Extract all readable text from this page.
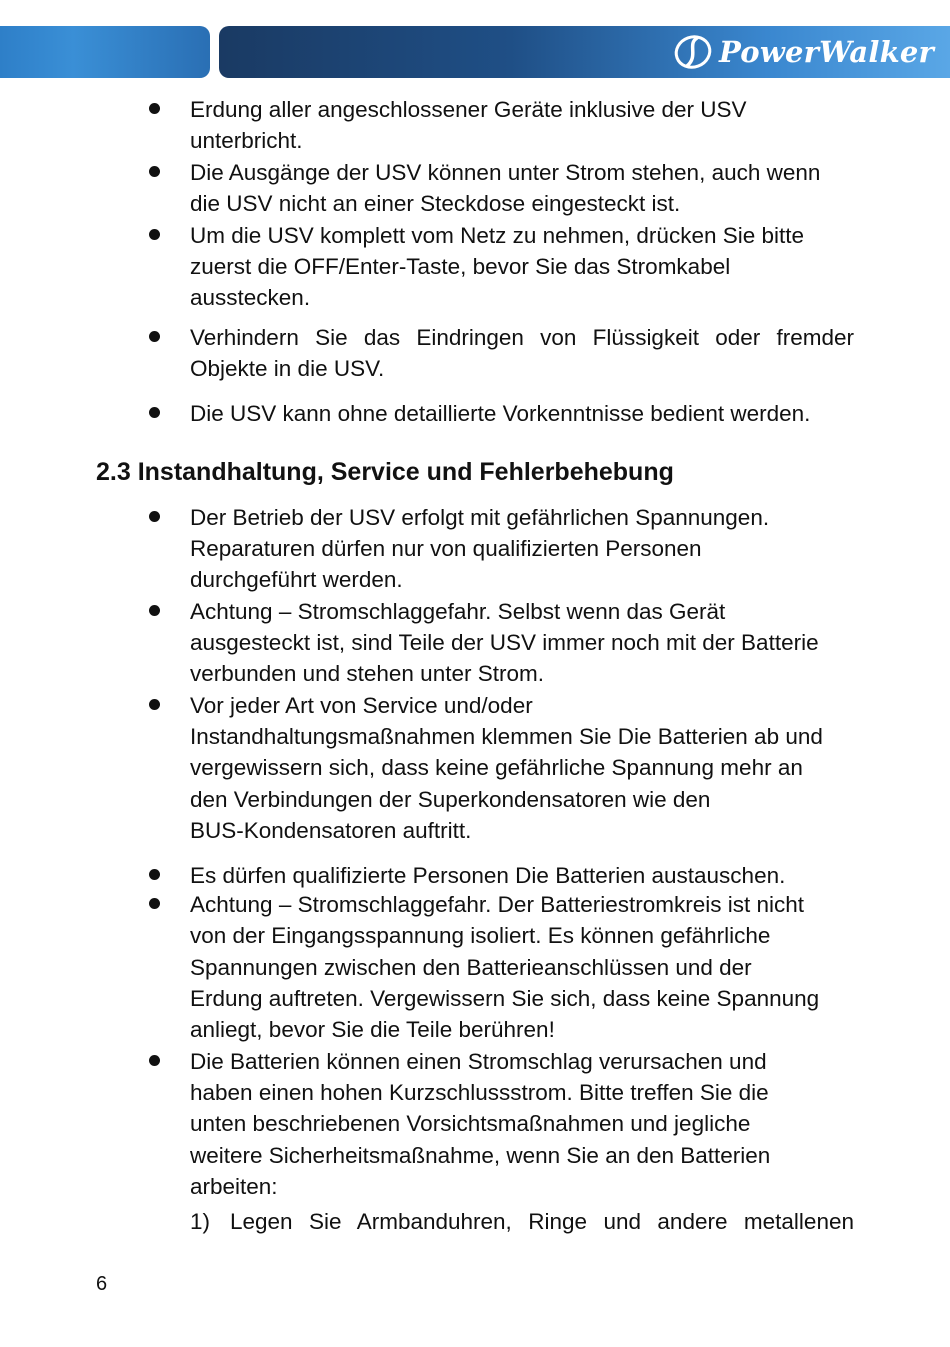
PowerWalker
Erdung aller angeschlossener Geräte inklusive der USV
unterbricht.
Die Ausgänge der USV können unter Strom stehen, auch wenn
die USV nicht an einer Steckdose eingesteckt ist.
Um die USV komplett vom Netz zu nehmen, drücken Sie bitte
zuerst die OFF/Enter-Taste, bevor Sie das Stromkabel
ausstecken.
Verhindern Sie das Eindringen von Flüssigkeit oder fremder
Objekte in die USV.
Die USV kann ohne detaillierte Vorkenntnisse bedient werden.
2.3 Instandhaltung, Service und Fehlerbehebung
Der Betrieb der USV erfolgt mit gefährlichen Spannungen.
Reparaturen dürfen nur von qualifizierten Personen
durchgeführt werden.
Achtung – Stromschlaggefahr. Selbst wenn das Gerät
ausgesteckt ist, sind Teile der USV immer noch mit der Batterie
verbunden und stehen unter Strom.
Vor jeder Art von Service und/oder
Instandhaltungsmaßnahmen klemmen Sie Die Batterien ab und
vergewissern sich, dass keine gefährliche Spannung mehr an
den Verbindungen der Superkondensatoren wie den
BUS-Kondensatoren auftritt.
Es dürfen qualifizierte Personen Die Batterien austauschen.
Achtung – Stromschlaggefahr. Der Batteriestromkreis ist nicht
von der Eingangsspannung isoliert. Es können gefährliche
Spannungen zwischen den Batterieanschlüssen und der
Erdung auftreten. Vergewissern Sie sich, dass keine Spannung
anliegt, bevor Sie die Teile berühren!
Die Batterien können einen Stromschlag verursachen und
haben einen hohen Kurzschlussstrom. Bitte treffen Sie die
unten beschriebenen Vorsichtsmaßnahmen und jegliche
weitere Sicherheitsmaßnahme, wenn Sie an den Batterien
arbeiten:
1) Legen Sie Armbanduhren, Ringe und andere metallenen
6
